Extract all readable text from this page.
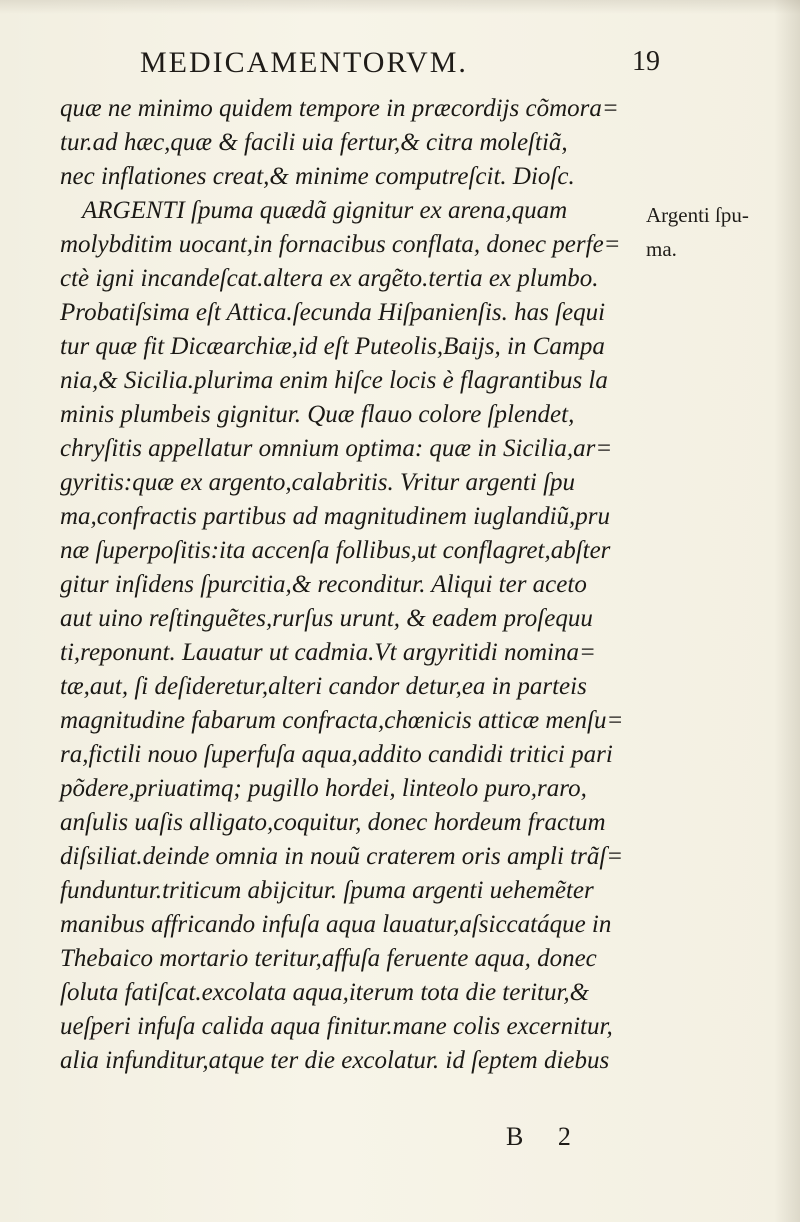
MEDICAMENTORVM.	19
Argenti ſpu-
ma.
quæ ne minimo quidem tempore in præcordijs cõmora=
tur.ad hæc,quæ & facili uia fertur,& citra moleſtiã,
nec inflationes creat,& minime computreſcit. Dioſc.
ARGENTI ſpuma quædã gignitur ex arena,quam
molybditim uocant,in fornacibus conflata, donec perfe=
ctè igni incandeſcat.altera ex argẽto.tertia ex plumbo.
Probatiſsima eſt Attica.ſecunda Hiſpanienſis. has ſequi
tur quæ fit Dicæarchiæ,id eſt Puteolis,Baijs, in Campa
nia,& Sicilia.plurima enim hiſce locis è flagrantibus la
minis plumbeis gignitur. Quæ flauo colore ſplendet,
chryſitis appellatur omnium optima: quæ in Sicilia,ar=
gyritis:quæ ex argento,calabritis. Vritur argenti ſpu
ma,confractis partibus ad magnitudinem iuglandiũ,pru
næ ſuperpoſitis:ita accenſa follibus,ut conflagret,abſter
gitur inſidens ſpurcitia,& reconditur. Aliqui ter aceto
aut uino reſtinguẽtes,rurſus urunt, & eadem proſequu
ti,reponunt. Lauatur ut cadmia.Vt argyritidi nomina=
tæ,aut, ſi deſideretur,alteri candor detur,ea in parteis
magnitudine fabarum confracta,chœnicis atticæ menſu=
ra,fictili nouo ſuperfuſa aqua,addito candidi tritici pari
põdere,priuatimq; pugillo hordei, linteolo puro,raro,
anſulis uaſis alligato,coquitur, donec hordeum fractum
diſsiliat.deinde omnia in nouũ craterem oris ampli trãſ=
funduntur.triticum abijcitur. ſpuma argenti uehemẽter
manibus affricando infuſa aqua lauatur,aſsiccatáque in
Thebaico mortario teritur,affuſa feruente aqua, donec
ſoluta fatiſcat.excolata aqua,iterum tota die teritur,&
ueſperi infuſa calida aqua finitur.mane colis excernitur,
alia infunditur,atque ter die excolatur. id ſeptem diebus
B 2
